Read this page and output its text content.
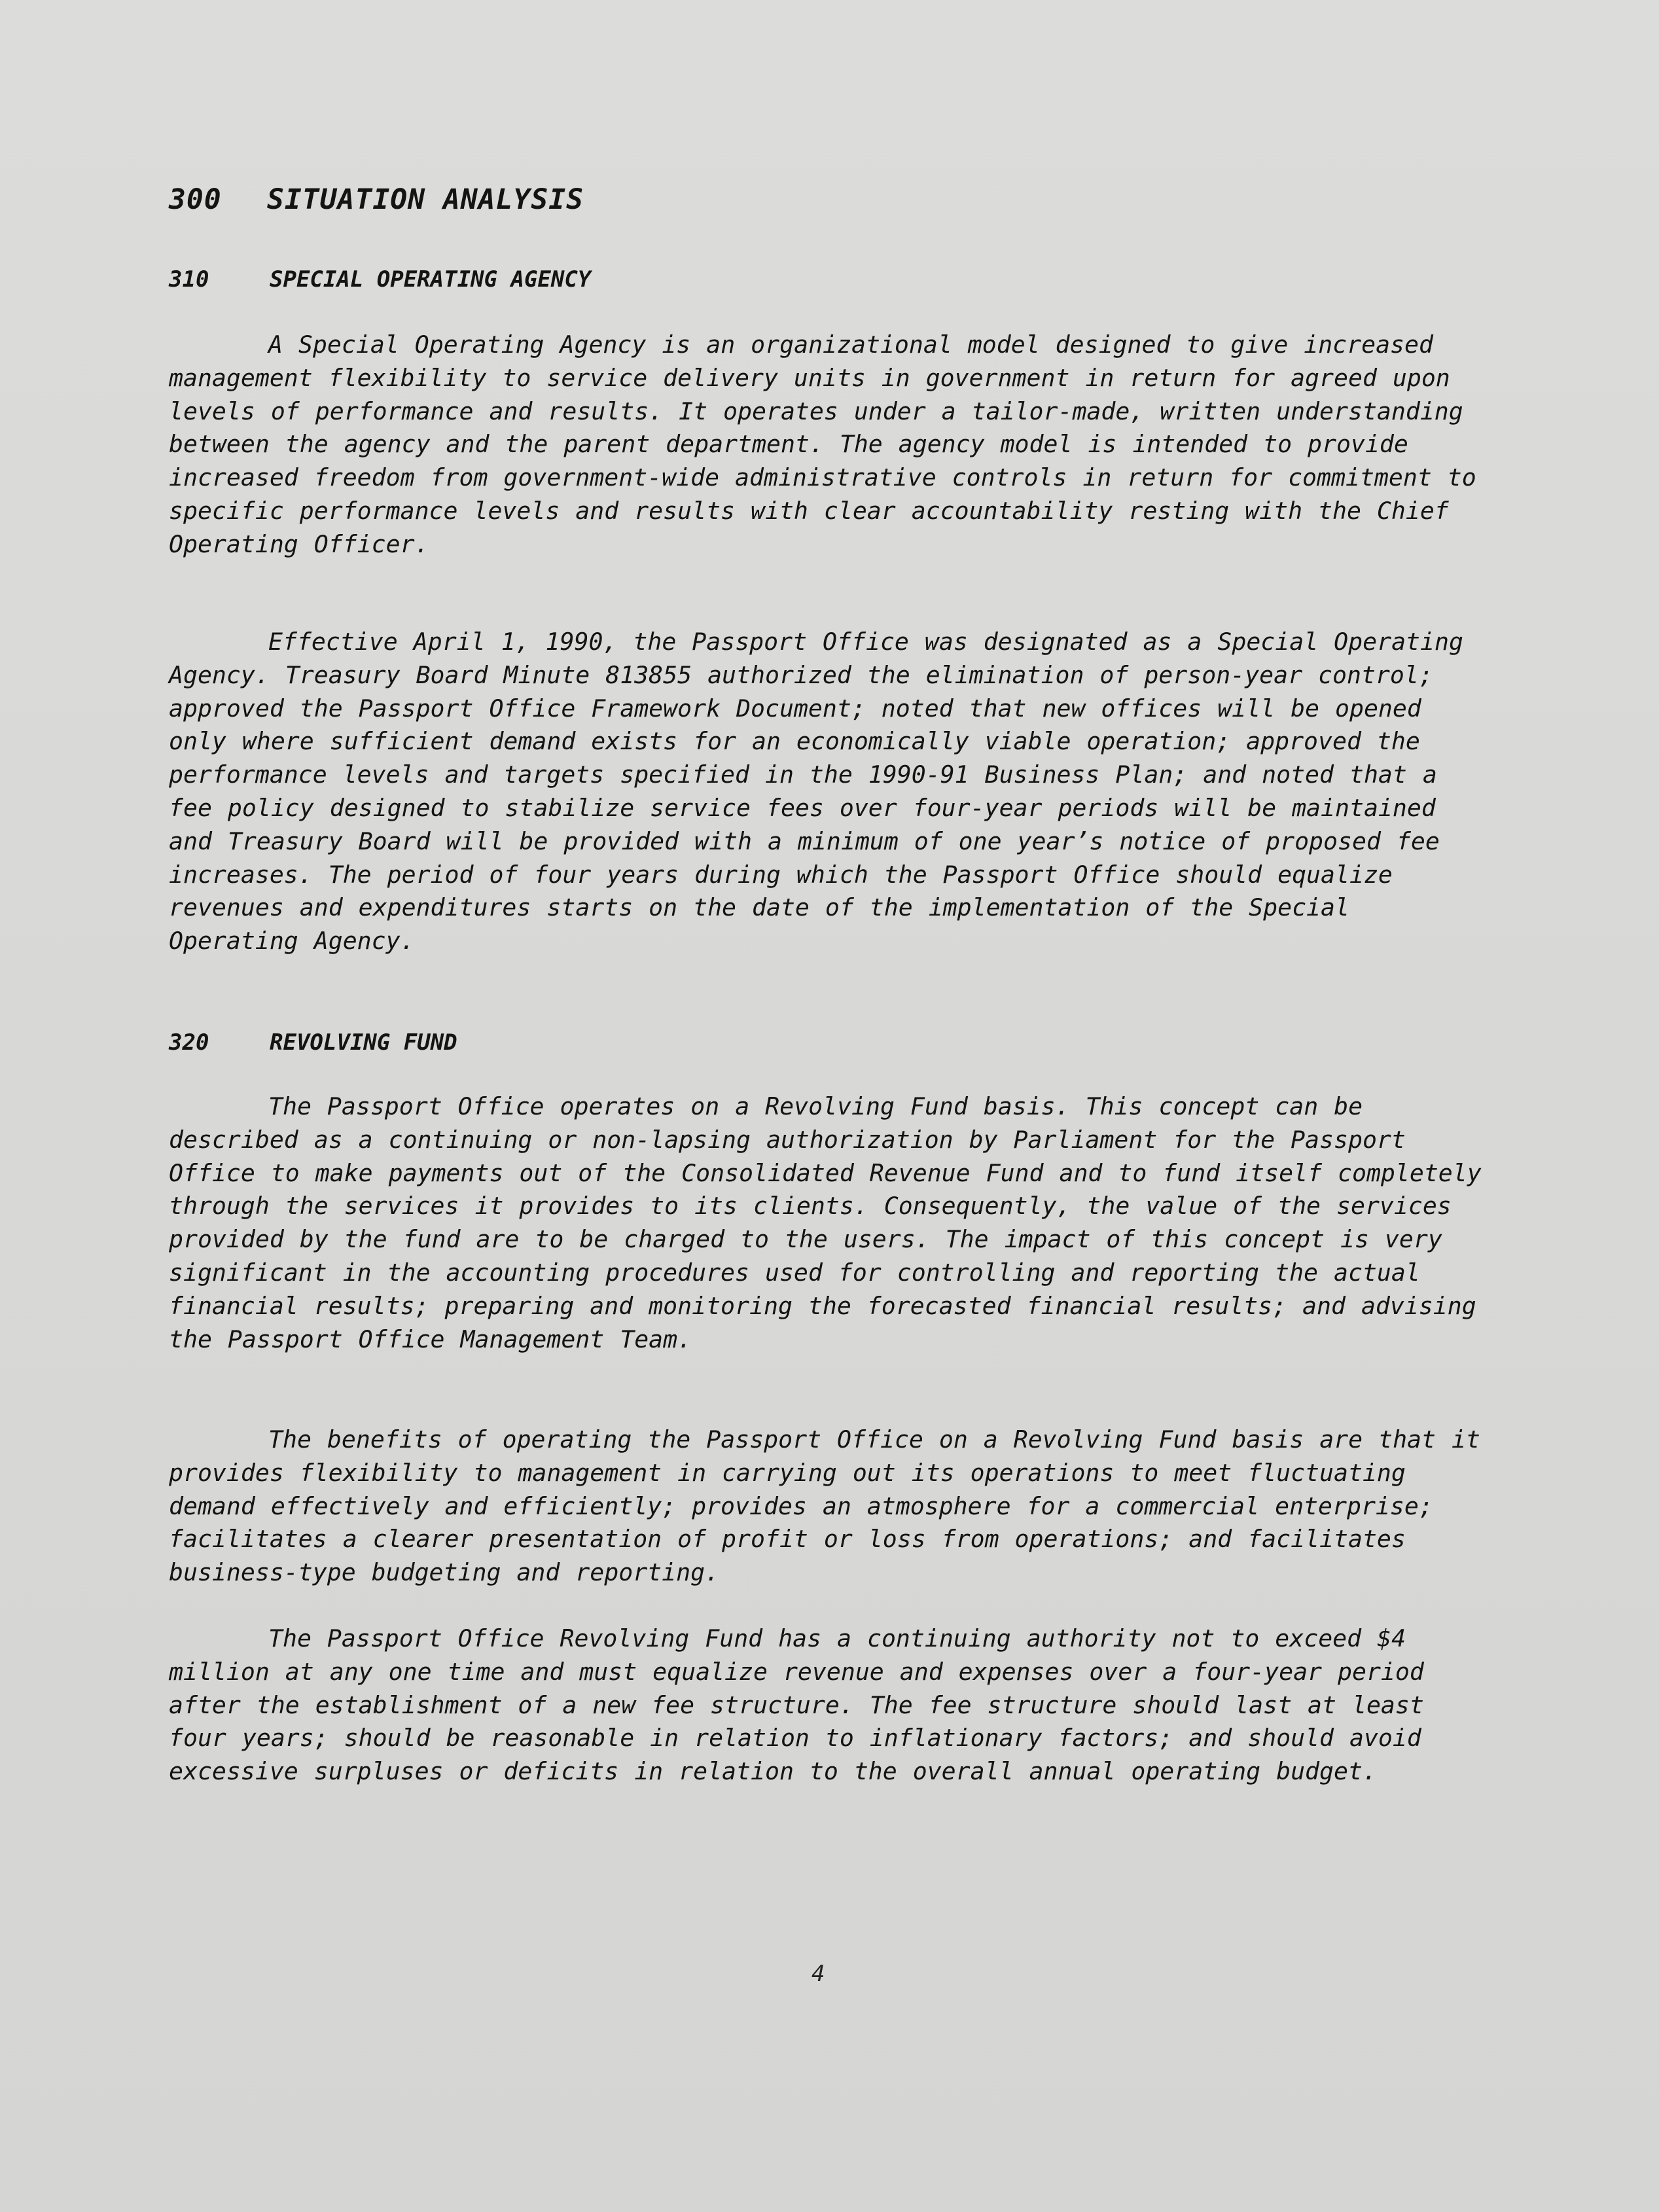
300 SITUATION ANALYSIS
310	SPECIAL OPERATING AGENCY

A Special Operating Agency is an organizational model designed to give increased management flexibility to service delivery units in government in return for agreed upon levels of performance and results. It operates under a tailor-made, written understanding between the agency and the parent department. The agency model is intended to provide increased freedom from government-wide administrative controls in return for commitment to specific performance levels and results with clear accountability resting with the Chief Operating Officer.

Effective April 1, 1990, the Passport Office was designated as a Special Operating Agency. Treasury Board Minute 813855 authorized the elimination of person-year control; approved the Passport Office Framework Document; noted that new offices will be opened only where sufficient demand exists for an economically viable operation; approved the performance levels and targets specified in the 1990-91 Business Plan; and noted that a fee policy designed to stabilize service fees over four-year periods will be maintained and Treasury Board will be provided with a minimum of one year’s notice of proposed fee increases. The period of four years during which the Passport Office should equalize revenues and expenditures starts on the date of the implementation of the Special Operating Agency.

320	REVOLVING FUND

The Passport Office operates on a Revolving Fund basis. This concept can be described as a continuing or non-lapsing authorization by Parliament for the Passport Office to make payments out of the Consolidated Revenue Fund and to fund itself completely through the services it provides to its clients. Consequently, the value of the services provided by the fund are to be charged to the users. The impact of this concept is very significant in the accounting procedures used for controlling and reporting the actual financial results; preparing and monitoring the forecasted financial results; and advising the Passport Office Management Team.

The benefits of operating the Passport Office on a Revolving Fund basis are that it provides flexibility to management in carrying out its operations to meet fluctuating demand effectively and efficiently; provides an atmosphere for a commercial enterprise; facilitates a clearer presentation of profit or loss from operations; and facilitates business-type budgeting and reporting.

The Passport Office Revolving Fund has a continuing authority not to exceed $4 million at any one time and must equalize revenue and expenses over a four-year period after the establishment of a new fee structure. The fee structure should last at least four years; should be reasonable in relation to inflationary factors; and should avoid excessive surpluses or deficits in relation to the overall annual operating budget.

4
